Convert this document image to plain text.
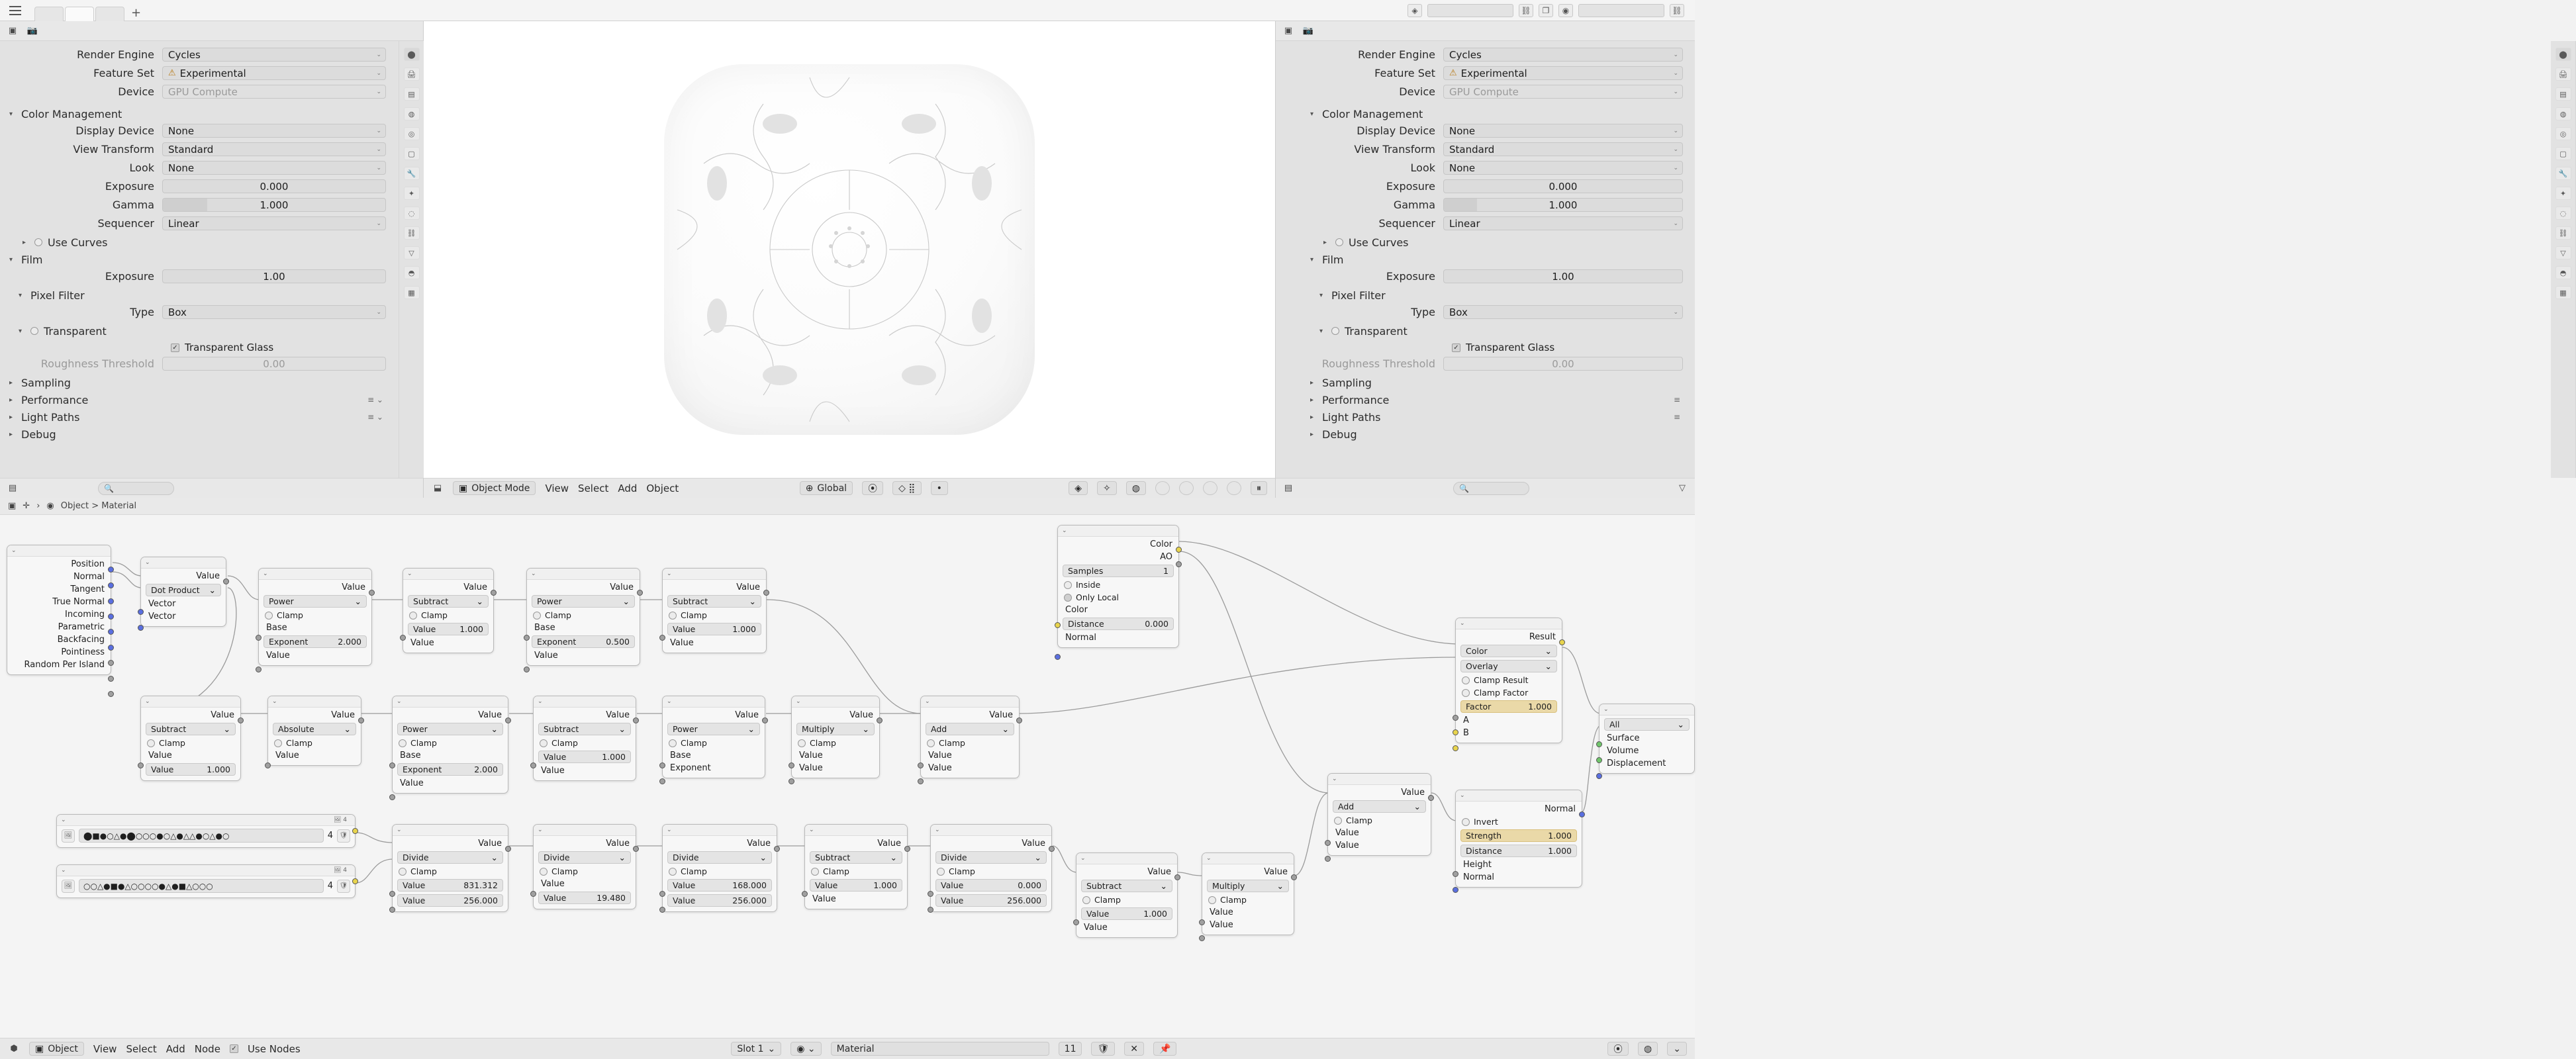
+	◈	⛓	❐	◉	⛓
▣ 📷
⬤
🖨
▤
◍
◎
▢
🔧
✦
◌
⛓
▽
◓
▦
Render Engine	Cycles	⌄
Feature Set	⚠ Experimental	⌄
Device	GPU Compute	⌄
▾ Color Management
Display Device	None	⌄
View Transform	Standard	⌄
Look	None	⌄
Exposure	0.000
Gamma	1.000
Sequencer	Linear	⌄
▸	Use Curves
▾ Film
Exposure	1.00
▾ Pixel Filter
Type	Box	⌄
▾	Transparent
✓ Transparent Glass
Roughness Threshold	0.00
▸ Sampling
▸ Performance	≡ ⌄
▸ Light Paths	≡ ⌄
▸ Debug
▤	🔍	⬓ ▣ Object Mode View Select Add Object	⊕ Global	⦿	◇ ⣿	•	◈	✧	◍	⏸
▣ 📷
⬤
🖨
▤
◍
◎
▢
🔧
✦
◌
⛓
▽
◓
▦
Render Engine	Cycles	⌄
Feature Set	⚠ Experimental	⌄
Device	GPU Compute	⌄
▾ Color Management
Display Device	None	⌄
View Transform	Standard	⌄
Look	None	⌄
Exposure	0.000
Gamma	1.000
Sequencer	Linear	⌄
▸	Use Curves
▾ Film
Exposure	1.00
▾ Pixel Filter
Type	Box	⌄
▾	Transparent
✓ Transparent Glass
Roughness Threshold	0.00
▸ Sampling
▸ Performance	≡
▸ Light Paths	≡
▸ Debug
▤	🔍	▽
▣ ✛ › ◉ Object > Material
⌄
Position
Normal
Tangent
True Normal
Incoming
Parametric
Backfacing
Pointiness
Random Per Island
⌄
Value
Dot Product ⌄
Vector
Vector
⌄
Value
Power	⌄
Clamp
Base
Exponent	2.000
Value
⌄
Value
Subtract	⌄
Clamp
Value	1.000
Value
⌄
Value
Power	⌄
Clamp
Base
Exponent	0.500
Value
⌄
Value
Subtract	⌄
Clamp
Value	1.000
Value
⌄
Value
Subtract	⌄
Clamp
Value
Value	1.000
⌄
Value
Absolute	⌄
Clamp
Value
⌄
Value
Power	⌄
Clamp
Base
Exponent	2.000
Value
⌄
Value
Subtract	⌄
Clamp
Value	1.000
Value
⌄
Value
Power	⌄
Clamp
Base
Exponent
⌄
Value
Multiply	⌄
Clamp
Value
Value
⌄
Value
Add	⌄
Clamp
Value
Value
⌄
Color
AO
Samples	1
Inside
Only Local
Color
Distance	0.000
Normal
⌄
Result
Color	⌄
Overlay	⌄
Clamp Result
Clamp Factor
Factor	1.000
A
B
⌄
All	⌄
Surface
Volume
Displacement
⌄
Value
Add	⌄
Clamp
Value
Value
⌄
Normal
Invert
Strength	1.000
Distance	1.000
Height
Normal
⌄	🖼 4
🖼	⬤■●○△●⬤○○○●○△●△△●○△●○	4 🛡
⌄	🖼 4
🖼	○○△●■●△○○○○●△●■△○○○	4 🛡
⌄
Value
Divide	⌄
Clamp
Value	831.312
Value	256.000
⌄
Value
Divide	⌄
Clamp
Value
Value	19.480
⌄
Value
Divide	⌄
Clamp
Value	168.000
Value	256.000
⌄
Value
Subtract	⌄
Clamp
Value	1.000
Value
⌄
Value
Divide	⌄
Clamp
Value	0.000
Value	256.000
⌄
Value
Subtract	⌄
Clamp
Value	1.000
Value
⌄
Value
Multiply	⌄
Clamp
Value
Value
⬢ ▣ Object View Select Add Node ✓ Use Nodes	Slot 1 ⌄	◉ ⌄	Material	11	🛡	✕	📌	⦿	◍	⌄
